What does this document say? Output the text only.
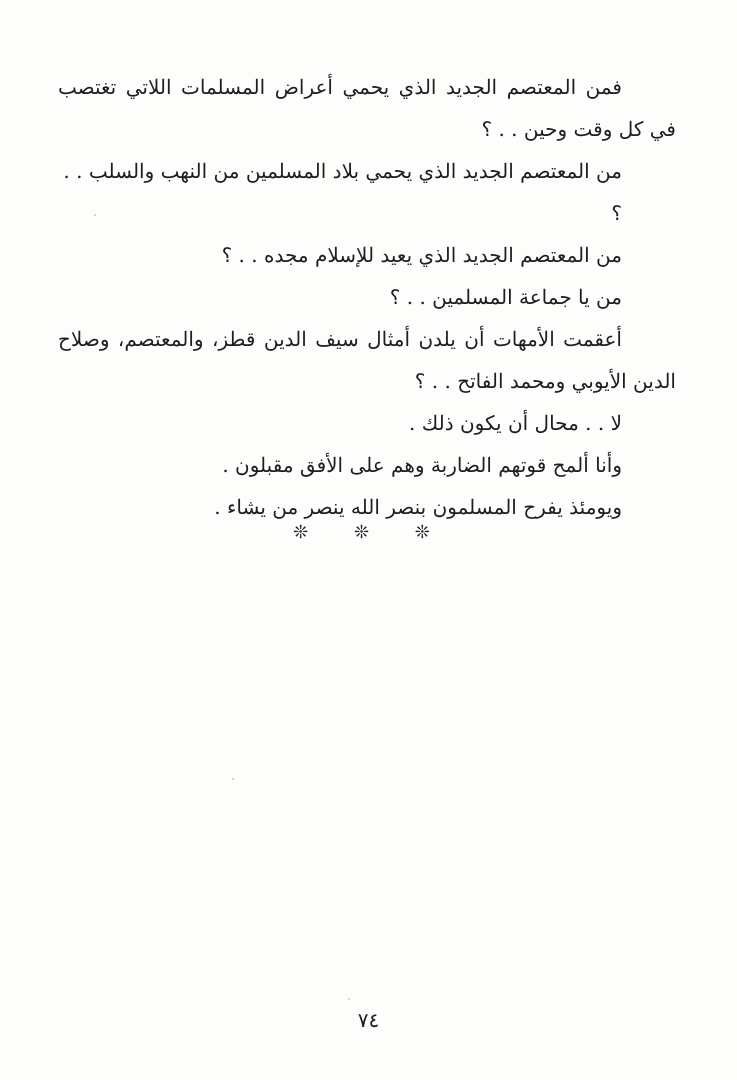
فمن المعتصم الجديد الذي يحمي أعراض المسلمات اللاتي تغتصب في كل وقت وحين . . ؟

من المعتصم الجديد الذي يحمي بلاد المسلمين من النهب والسلب . . ؟

من المعتصم الجديد الذي يعيد للإسلام مجده . . ؟

من يا جماعة المسلمين . . ؟

أعقمت الأمهات أن يلدن أمثال سيف الدين قطز، والمعتصم، وصلاح الدين الأيوبي ومحمد الفاتح . . ؟

لا . . محال أن يكون ذلك .

وأنا ألمح قوتهم الضاربة وهم على الأفق مقبلون .

ويومئذ يفرح المسلمون بنصر الله ينصر من يشاء .

❊ ❊ ❊
٧٤
